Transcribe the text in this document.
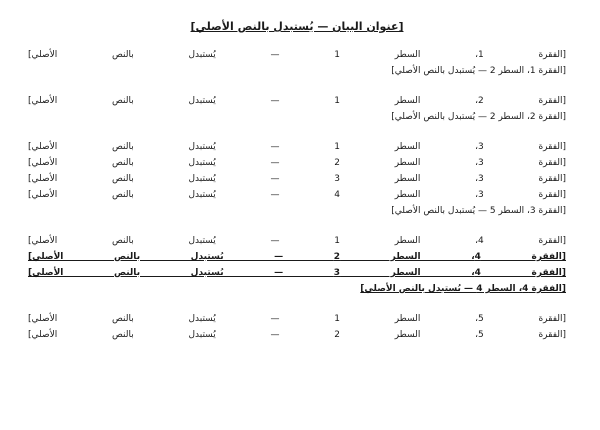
[عنوان البيان — يُستبدل بالنص الأصلي]
[الفقرة 1، السطر 1 — يُستبدل بالنص الأصلي]
[الفقرة 1، السطر 2 — يُستبدل بالنص الأصلي]
[الفقرة 2، السطر 1 — يُستبدل بالنص الأصلي]
[الفقرة 2، السطر 2 — يُستبدل بالنص الأصلي]
[الفقرة 3، السطر 1 — يُستبدل بالنص الأصلي]
[الفقرة 3، السطر 2 — يُستبدل بالنص الأصلي]
[الفقرة 3، السطر 3 — يُستبدل بالنص الأصلي]
[الفقرة 3، السطر 4 — يُستبدل بالنص الأصلي]
[الفقرة 3، السطر 5 — يُستبدل بالنص الأصلي]
[الفقرة 4، السطر 1 — يُستبدل بالنص الأصلي]
[الفقرة 4، السطر 2 — يُستبدل بالنص الأصلي]
[الفقرة 4، السطر 3 — يُستبدل بالنص الأصلي]
[الفقرة 4، السطر 4 — يُستبدل بالنص الأصلي]
[الفقرة 5، السطر 1 — يُستبدل بالنص الأصلي]
[الفقرة 5، السطر 2 — يُستبدل بالنص الأصلي]
